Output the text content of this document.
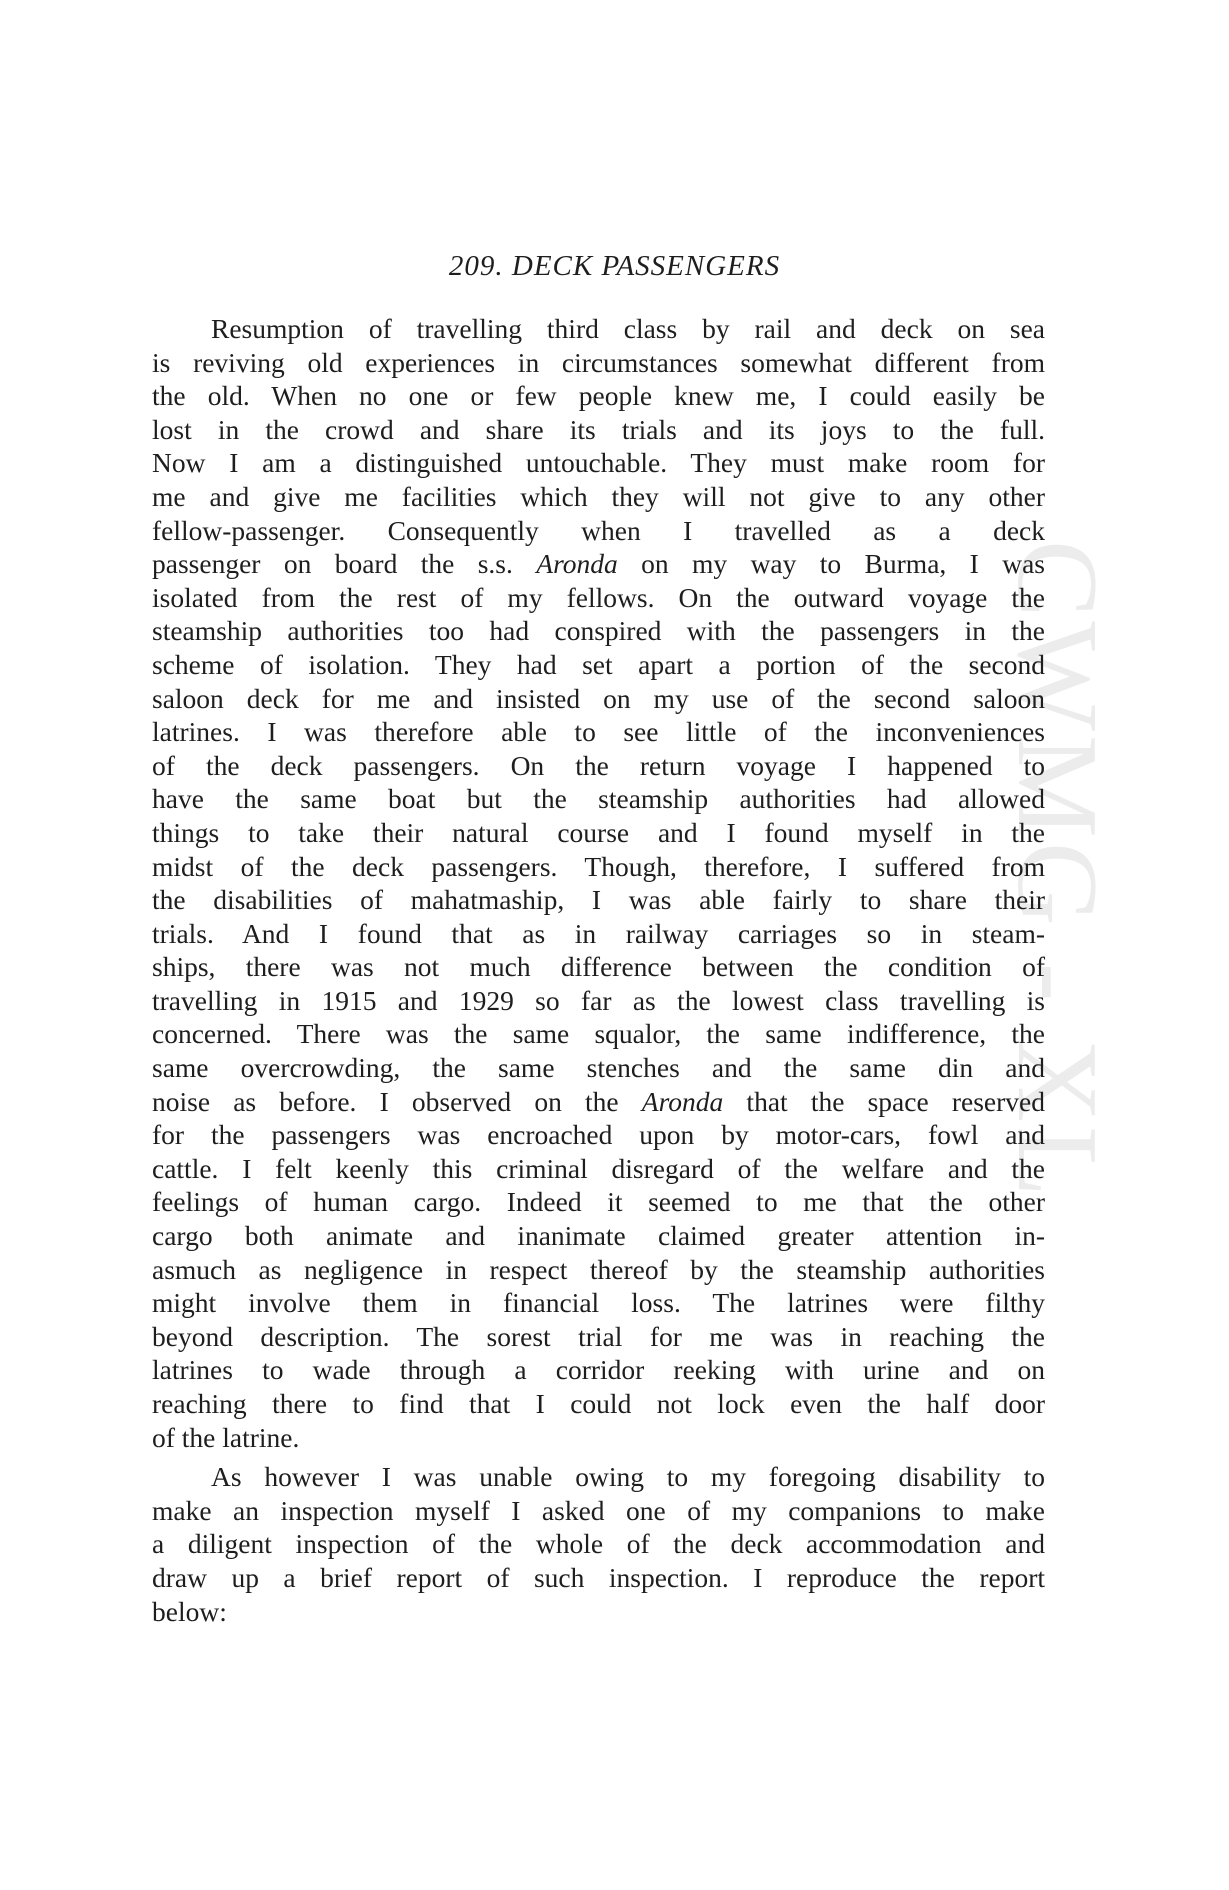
CWMG - XL
209. DECK PASSENGERS
Resumption of travelling third class by rail and deck on sea
is reviving old experiences in circumstances somewhat different from
the old. When no one or few people knew me, I could easily be
lost in the crowd and share its trials and its joys to the full.
Now I am a distinguished untouchable. They must make room for
me and give me facilities which they will not give to any other
fellow-passenger. Consequently when I travelled as a deck
passenger on board the s.s. Aronda on my way to Burma, I was
isolated from the rest of my fellows. On the outward voyage the
steamship authorities too had conspired with the passengers in the
scheme of isolation. They had set apart a portion of the second
saloon deck for me and insisted on my use of the second saloon
latrines. I was therefore able to see little of the inconveniences
of the deck passengers. On the return voyage I happened to
have the same boat but the steamship authorities had allowed
things to take their natural course and I found myself in the
midst of the deck passengers. Though, therefore, I suffered from
the disabilities of mahatmaship, I was able fairly to share their
trials. And I found that as in railway carriages so in steam-
ships, there was not much difference between the condition of
travelling in 1915 and 1929 so far as the lowest class travelling is
concerned. There was the same squalor, the same indifference, the
same overcrowding, the same stenches and the same din and
noise as before. I observed on the Aronda that the space reserved
for the passengers was encroached upon by motor-cars, fowl and
cattle. I felt keenly this criminal disregard of the welfare and the
feelings of human cargo. Indeed it seemed to me that the other
cargo both animate and inanimate claimed greater attention in-
asmuch as negligence in respect thereof by the steamship authorities
might involve them in financial loss. The latrines were filthy
beyond description. The sorest trial for me was in reaching the
latrines to wade through a corridor reeking with urine and on
reaching there to find that I could not lock even the half door
of the latrine.
As however I was unable owing to my foregoing disability to
make an inspection myself I asked one of my companions to make
a diligent inspection of the whole of the deck accommodation and
draw up a brief report of such inspection. I reproduce the report
below:
